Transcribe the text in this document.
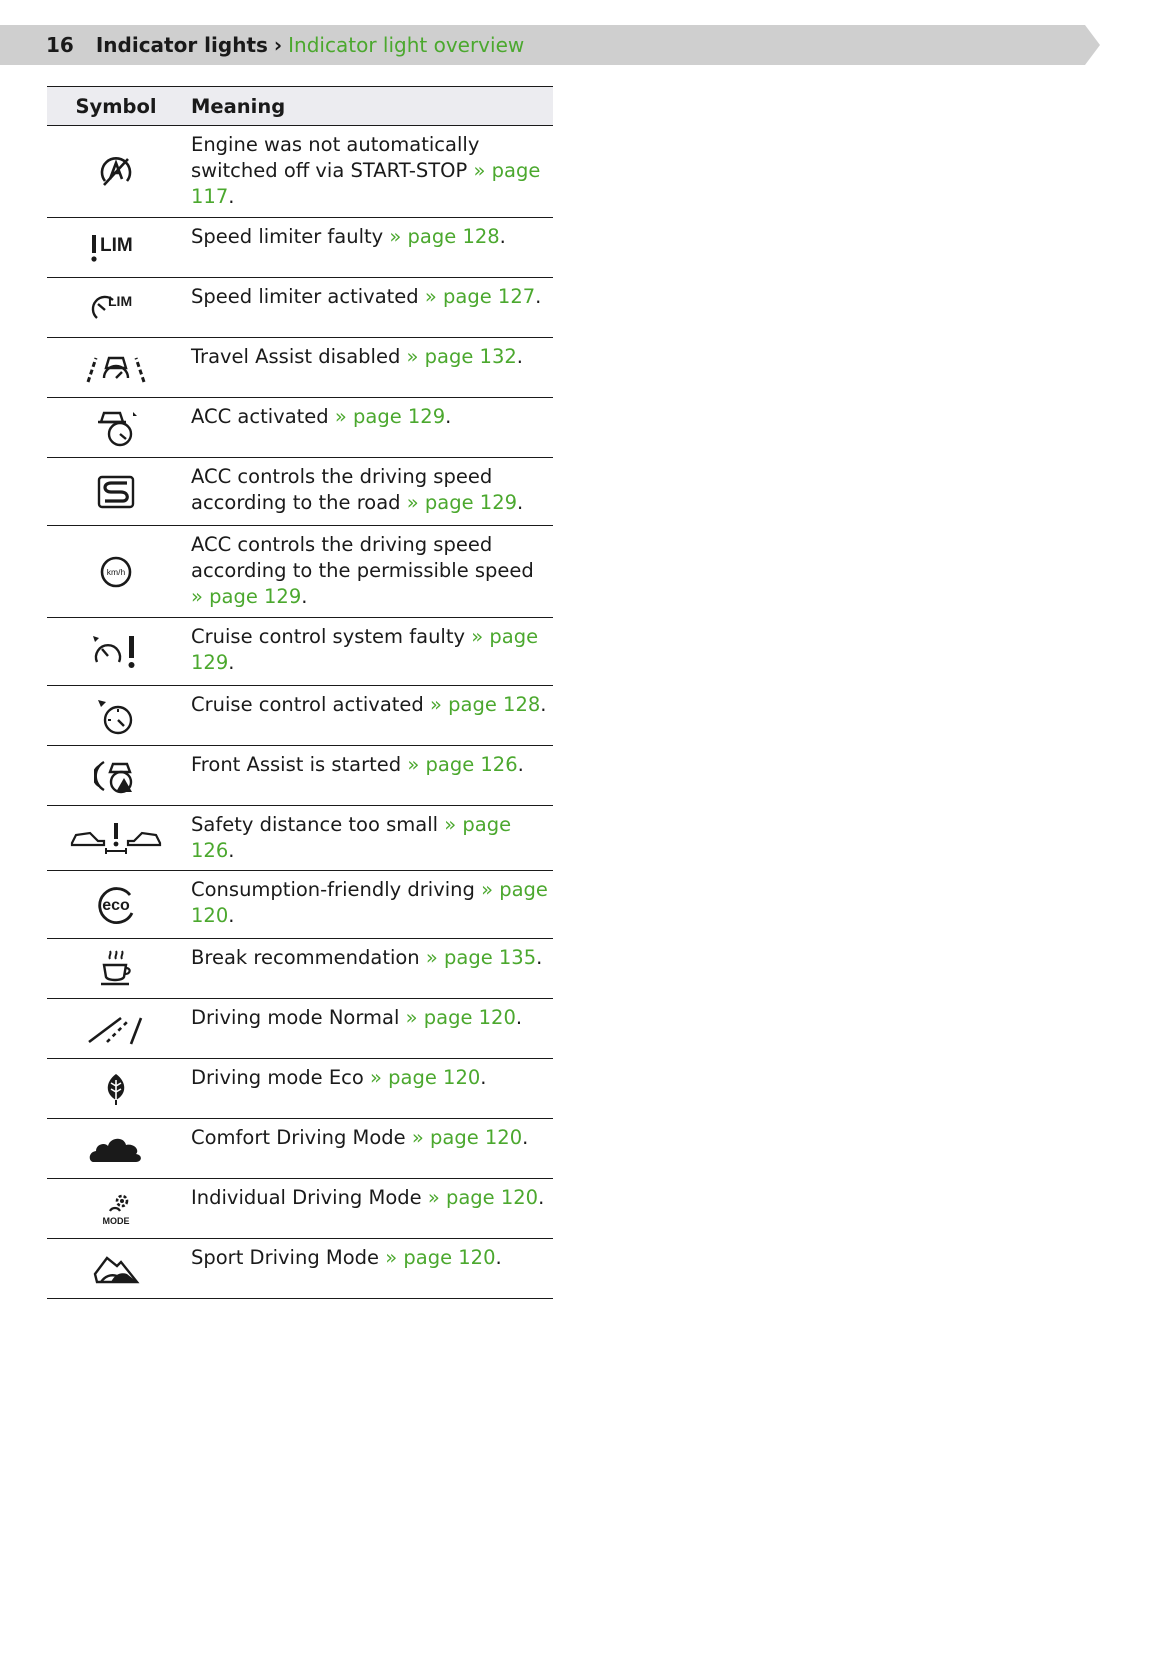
16 Indicator lights › Indicator light overview
Symbol	Meaning

	Engine was not automatically switched off via START-STOP » page 117.

LIM	Speed limiter faulty » page 128.

LIM	Speed limiter activated » page 127.

	Travel Assist disabled » page 132.

	ACC activated » page 129.

	ACC controls the driving speed according to the road » page 129.

km/h	ACC controls the driving speed according to the permissible speed » page 129.

	Cruise control system faulty » page 129.

	Cruise control activated » page 128.

	Front Assist is started » page 126.

	Safety distance too small » page 126.

eco	Consumption-friendly driving » page 120.

	Break recommendation » page 135.

	Driving mode Normal » page 120.

	Driving mode Eco » page 120.

	Comfort Driving Mode » page 120.

MODE	Individual Driving Mode » page 120.

	Sport Driving Mode » page 120.
